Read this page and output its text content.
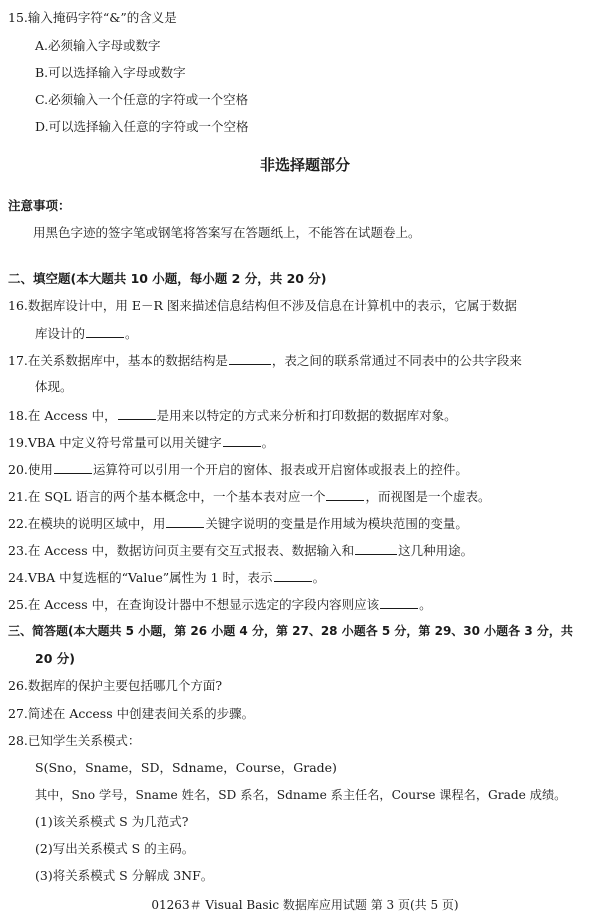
15.输入掩码字符“&”的含义是
A.必须输入字母或数字
B.可以选择输入字母或数字
C.必须输入一个任意的字符或一个空格
D.可以选择输入任意的字符或一个空格
非选择题部分
注意事项：
用黑色字迹的签字笔或钢笔将答案写在答题纸上，不能答在试题卷上。
二、填空题(本大题共 10 小题，每小题 2 分，共 20 分)
16.数据库设计中，用 E－R 图来描述信息结构但不涉及信息在计算机中的表示，它属于数据
库设计的	。
17.在关系数据库中，基本的数据结构是	，表之间的联系常通过不同表中的公共字段来
体现。
18.在 Access 中，	是用来以特定的方式来分析和打印数据的数据库对象。
19.VBA 中定义符号常量可以用关键字	。
20.使用	运算符可以引用一个开启的窗体、报表或开启窗体或报表上的控件。
21.在 SQL 语言的两个基本概念中，一个基本表对应一个	，而视图是一个虚表。
22.在模块的说明区域中，用	关键字说明的变量是作用域为模块范围的变量。
23.在 Access 中，数据访问页主要有交互式报表、数据输入和	这几种用途。
24.VBA 中复选框的“Value”属性为 1 时，表示	。
25.在 Access 中，在查询设计器中不想显示选定的字段内容则应该	。
三、简答题(本大题共 5 小题，第 26 小题 4 分，第 27、28 小题各 5 分，第 29、30 小题各 3 分，共
20 分)
26.数据库的保护主要包括哪几个方面?
27.简述在 Access 中创建表间关系的步骤。
28.已知学生关系模式：
S(Sno，Sname，SD，Sdname，Course，Grade)
其中，Sno 学号，Sname 姓名，SD 系名，Sdname 系主任名，Course 课程名，Grade 成绩。
(1)该关系模式 S 为几范式?
(2)写出关系模式 S 的主码。
(3)将关系模式 S 分解成 3NF。
01263＃ Visual Basic 数据库应用试题 第 3 页(共 5 页)
